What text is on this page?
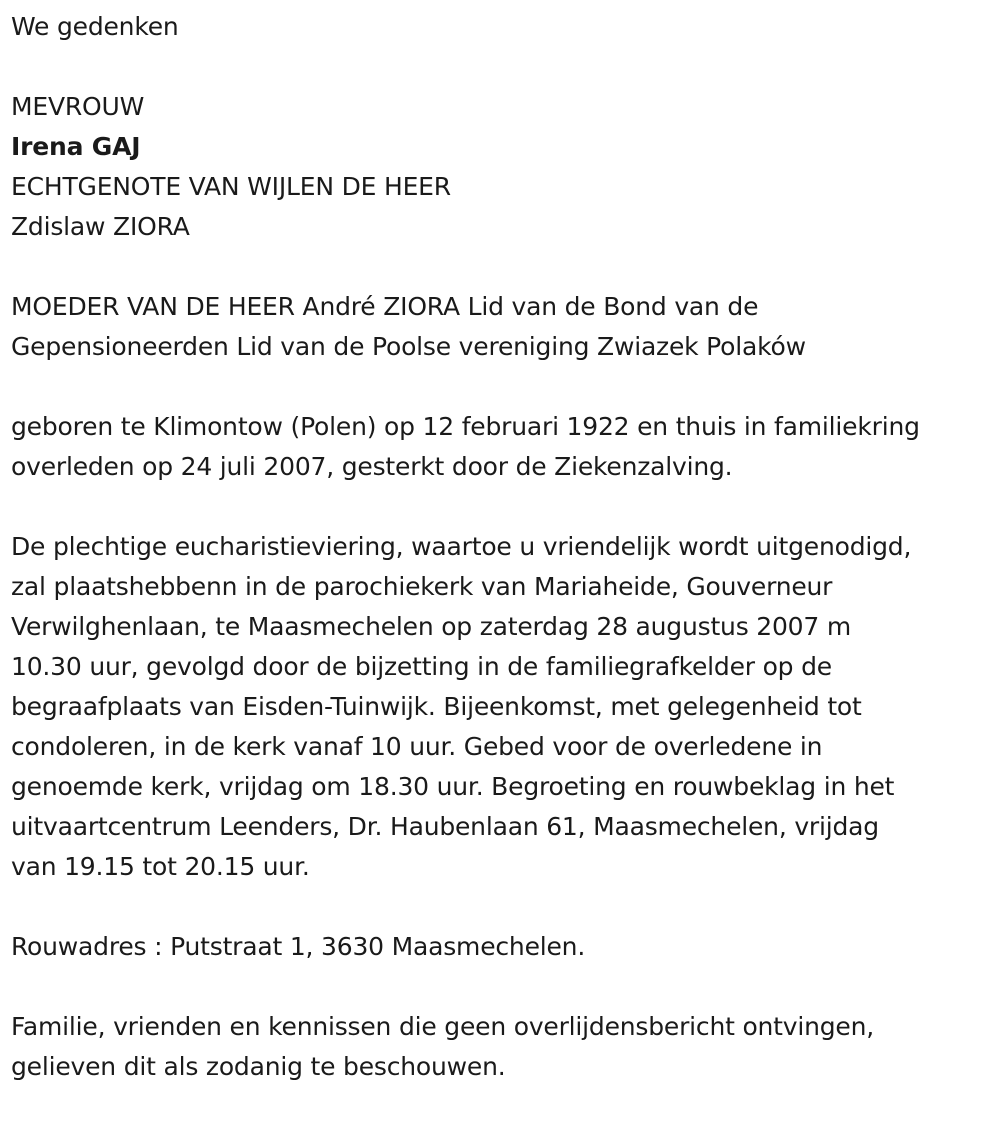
We gedenken

MEVROUW

Irena GAJ

ECHTGENOTE VAN WIJLEN DE HEER

Zdislaw ZIORA

MOEDER VAN DE HEER André ZIORA Lid van de Bond van de

Gepensioneerden Lid van de Poolse vereniging Zwiazek Polaków

geboren te Klimontow (Polen) op 12 februari 1922 en thuis in familiekring

overleden op 24 juli 2007, gesterkt door de Ziekenzalving.

De plechtige eucharistieviering, waartoe u vriendelijk wordt uitgenodigd,

zal plaatshebbenn in de parochiekerk van Mariaheide, Gouverneur

Verwilghenlaan, te Maasmechelen op zaterdag 28 augustus 2007 m

10.30 uur, gevolgd door de bijzetting in de familiegrafkelder op de

begraafplaats van Eisden-Tuinwijk. Bijeenkomst, met gelegenheid tot

condoleren, in de kerk vanaf 10 uur. Gebed voor de overledene in

genoemde kerk, vrijdag om 18.30 uur. Begroeting en rouwbeklag in het

uitvaartcentrum Leenders, Dr. Haubenlaan 61, Maasmechelen, vrijdag

van 19.15 tot 20.15 uur.

Rouwadres : Putstraat 1, 3630 Maasmechelen.

Familie, vrienden en kennissen die geen overlijdensbericht ontvingen,

gelieven dit als zodanig te beschouwen.
